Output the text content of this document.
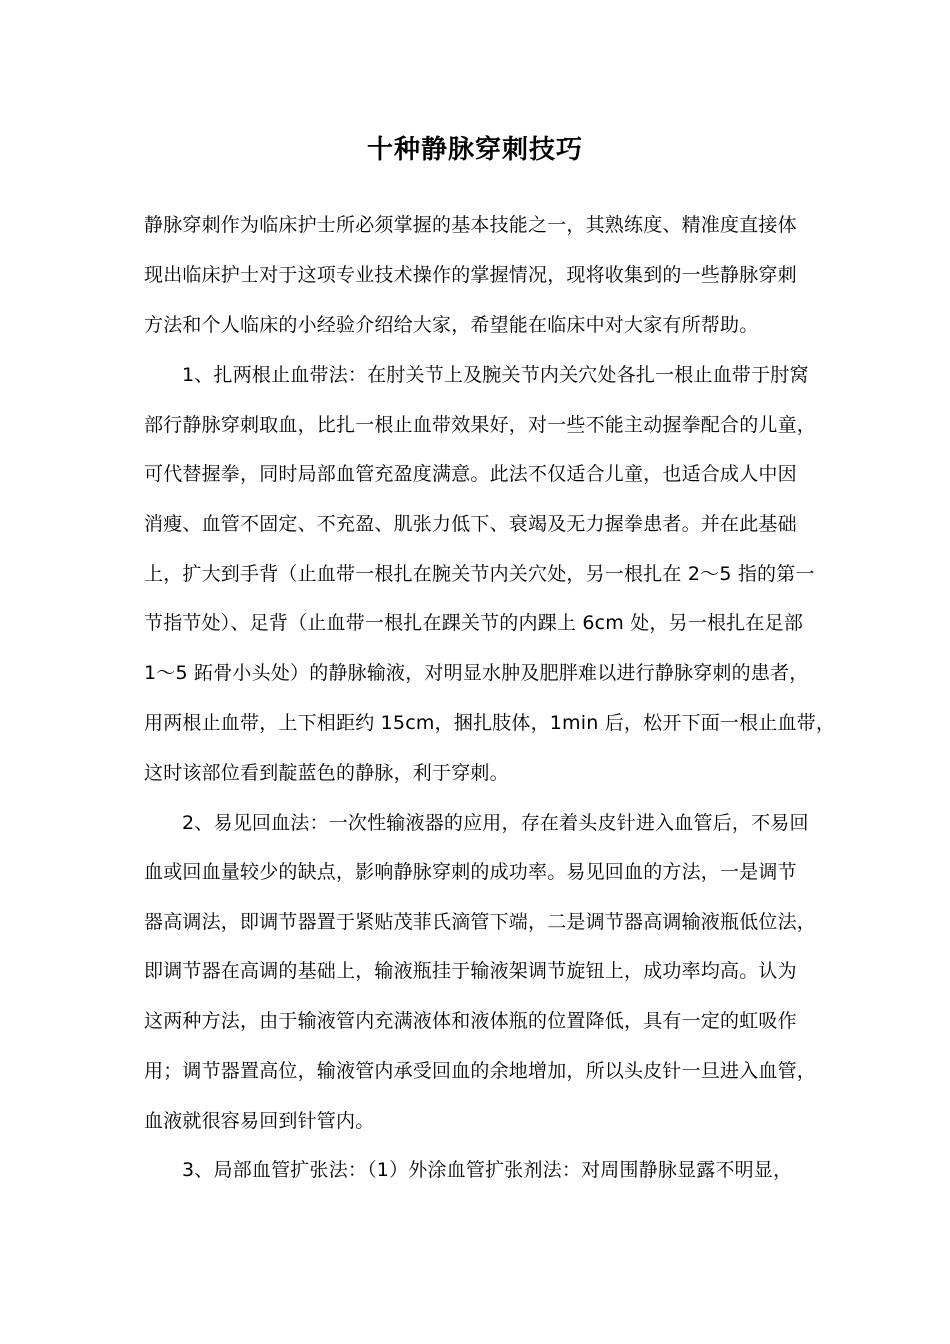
十种静脉穿刺技巧
静脉穿刺作为临床护士所必须掌握的基本技能之一，其熟练度、精准度直接体
现出临床护士对于这项专业技术操作的掌握情况，现将收集到的一些静脉穿刺
方法和个人临床的小经验介绍给大家，希望能在临床中对大家有所帮助。
1、扎两根止血带法：在肘关节上及腕关节内关穴处各扎一根止血带于肘窝
部行静脉穿刺取血，比扎一根止血带效果好，对一些不能主动握拳配合的儿童，
可代替握拳，同时局部血管充盈度满意。此法不仅适合儿童，也适合成人中因
消瘦、血管不固定、不充盈、肌张力低下、衰竭及无力握拳患者。并在此基础
上，扩大到手背（止血带一根扎在腕关节内关穴处，另一根扎在 2～5 指的第一
节指节处）、足背（止血带一根扎在踝关节的内踝上 6cm 处，另一根扎在足部
1～5 跖骨小头处）的静脉输液，对明显水肿及肥胖难以进行静脉穿刺的患者，
用两根止血带，上下相距约 15cm，捆扎肢体，1min 后，松开下面一根止血带，
这时该部位看到靛蓝色的静脉，利于穿刺。
2、易见回血法：一次性输液器的应用，存在着头皮针进入血管后，不易回
血或回血量较少的缺点，影响静脉穿刺的成功率。易见回血的方法，一是调节
器高调法，即调节器置于紧贴茂菲氏滴管下端，二是调节器高调输液瓶低位法，
即调节器在高调的基础上，输液瓶挂于输液架调节旋钮上，成功率均高。认为
这两种方法，由于输液管内充满液体和液体瓶的位置降低，具有一定的虹吸作
用；调节器置高位，输液管内承受回血的余地增加，所以头皮针一旦进入血管，
血液就很容易回到针管内。
3、局部血管扩张法：（1）外涂血管扩张剂法：对周围静脉显露不明显，
